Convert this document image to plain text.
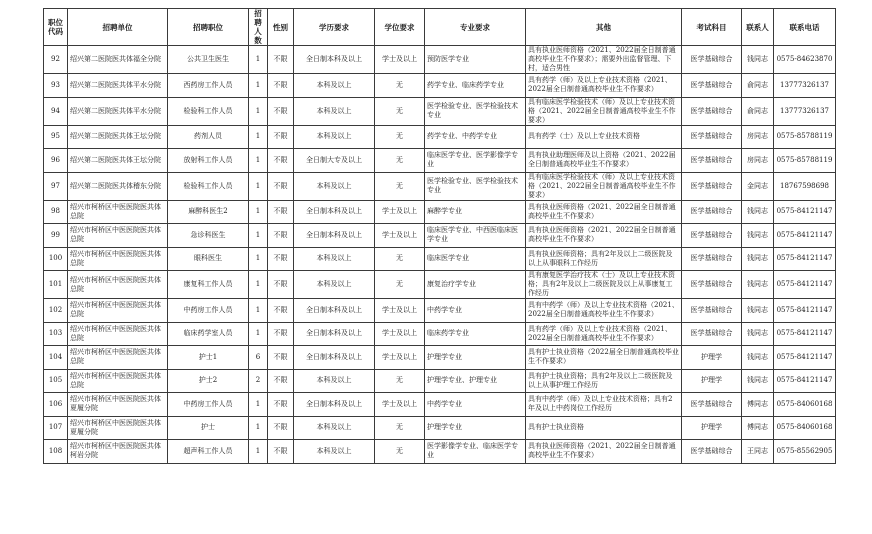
职位代码	招聘单位	招聘职位	招聘人数	性别	学历要求	学位要求	专业要求	其他	考试科目	联系人	联系电话
92	绍兴第二医院医共体福全分院	公共卫生医生	1	不限	全日制本科及以上	学士及以上	预防医学专业	具有执业医师资格（2021、2022届全日制普通高校毕业生不作要求）；需要外出监督管理、下村，适合男性	医学基础综合	钱同志	0575-84623870
93	绍兴第二医院医共体平水分院	西药房工作人员	1	不限	本科及以上	无	药学专业、临床药学专业	具有药学（师）及以上专业技术资格（2021、2022届全日制普通高校毕业生不作要求）	医学基础综合	俞同志	13777326137
94	绍兴第二医院医共体平水分院	检验科工作人员	1	不限	本科及以上	无	医学检验专业、医学检验技术专业	具有临床医学检验技术（师）及以上专业技术资格（2021、2022届全日制普通高校毕业生不作要求）	医学基础综合	俞同志	13777326137
95	绍兴第二医院医共体王坛分院	药剂人员	1	不限	本科及以上	无	药学专业、中药学专业	具有药学（士）及以上专业技术资格	医学基础综合	房同志	0575-85788119
96	绍兴第二医院医共体王坛分院	放射科工作人员	1	不限	全日制大专及以上	无	临床医学专业、医学影像学专业	具有执业助理医师及以上资格（2021、2022届全日制普通高校毕业生不作要求）	医学基础综合	房同志	0575-85788119
97	绍兴第二医院医共体稽东分院	检验科工作人员	1	不限	本科及以上	无	医学检验专业、医学检验技术专业	具有临床医学检验技术（师）及以上专业技术资格（2021、2022届全日制普通高校毕业生不作要求）	医学基础综合	金同志	18767598698
98	绍兴市柯桥区中医医院医共体总院	麻醉科医生2	1	不限	全日制本科及以上	学士及以上	麻醉学专业	具有执业医师资格（2021、2022届全日制普通高校毕业生不作要求）	医学基础综合	钱同志	0575-84121147
99	绍兴市柯桥区中医医院医共体总院	急诊科医生	1	不限	全日制本科及以上	学士及以上	临床医学专业、中西医临床医学专业	具有执业医师资格（2021、2022届全日制普通高校毕业生不作要求）	医学基础综合	钱同志	0575-84121147
100	绍兴市柯桥区中医医院医共体总院	眼科医生	1	不限	本科及以上	无	临床医学专业	具有执业医师资格；具有2年及以上二级医院及以上从事眼科工作经历	医学基础综合	钱同志	0575-84121147
101	绍兴市柯桥区中医医院医共体总院	康复科工作人员	1	不限	本科及以上	无	康复治疗学专业	具有康复医学治疗技术（士）及以上专业技术资格；具有2年及以上二级医院及以上从事康复工作经历	医学基础综合	钱同志	0575-84121147
102	绍兴市柯桥区中医医院医共体总院	中药房工作人员	1	不限	全日制本科及以上	学士及以上	中药学专业	具有中药学（师）及以上专业技术资格（2021、2022届全日制普通高校毕业生不作要求）	医学基础综合	钱同志	0575-84121147
103	绍兴市柯桥区中医医院医共体总院	临床药学室人员	1	不限	全日制本科及以上	学士及以上	临床药学专业	具有药学（师）及以上专业技术资格（2021、2022届全日制普通高校毕业生不作要求）	医学基础综合	钱同志	0575-84121147
104	绍兴市柯桥区中医医院医共体总院	护士1	6	不限	全日制本科及以上	学士及以上	护理学专业	具有护士执业资格（2022届全日制普通高校毕业生不作要求）	护理学	钱同志	0575-84121147
105	绍兴市柯桥区中医医院医共体总院	护士2	2	不限	本科及以上	无	护理学专业、护理专业	具有护士执业资格；具有2年及以上二级医院及以上从事护理工作经历	护理学	钱同志	0575-84121147
106	绍兴市柯桥区中医医院医共体夏履分院	中药房工作人员	1	不限	全日制本科及以上	学士及以上	中药学专业	具有中药学（师）及以上专业技术资格；具有2年及以上中药岗位工作经历	医学基础综合	傅同志	0575-84060168
107	绍兴市柯桥区中医医院医共体夏履分院	护士	1	不限	本科及以上	无	护理学专业	具有护士执业资格	护理学	傅同志	0575-84060168
108	绍兴市柯桥区中医医院医共体柯岩分院	超声科工作人员	1	不限	本科及以上	无	医学影像学专业、临床医学专业	具有执业医师资格（2021、2022届全日制普通高校毕业生不作要求）	医学基础综合	王同志	0575-85562905
